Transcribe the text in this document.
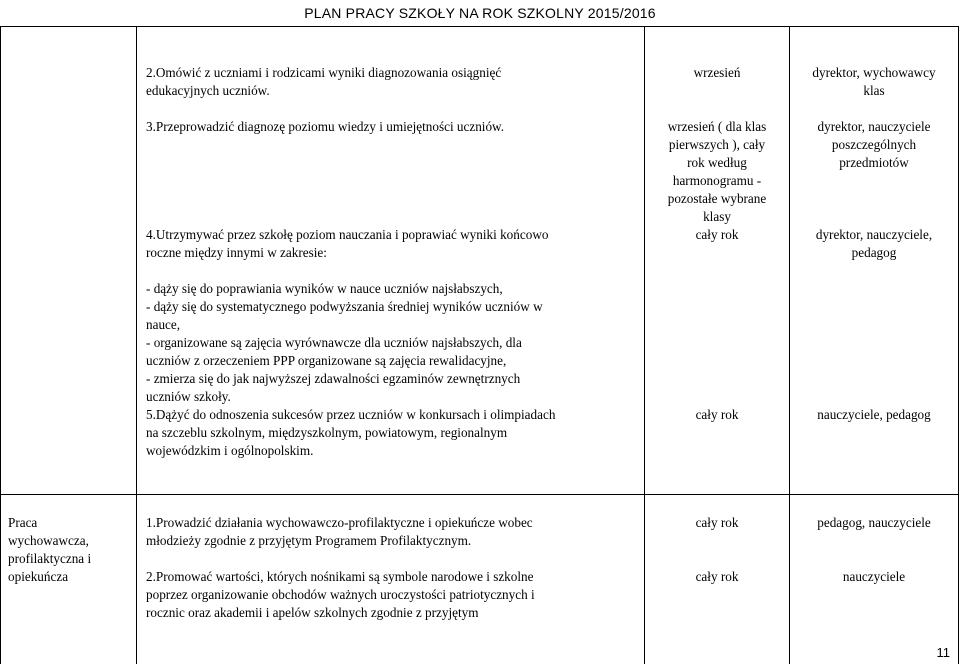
PLAN PRACY SZKOŁY NA ROK SZKOLNY 2015/2016
2.Omówić z uczniami i rodzicami wyniki diagnozowania osiągnięć
edukacyjnych uczniów.
3.Przeprowadzić diagnozę poziomu wiedzy i umiejętności uczniów.
4.Utrzymywać przez szkołę poziom nauczania i poprawiać wyniki końcowo
roczne między innymi w zakresie:
- dąży się do poprawiania wyników w nauce uczniów najsłabszych,
- dąży się do systematycznego podwyższania średniej wyników uczniów w
nauce,
- organizowane są zajęcia wyrównawcze dla uczniów najsłabszych, dla
uczniów z orzeczeniem PPP organizowane są zajęcia rewalidacyjne,
- zmierza się do jak najwyższej zdawalności egzaminów zewnętrznych
uczniów szkoły.
5.Dążyć do odnoszenia sukcesów przez uczniów w konkursach i olimpiadach
na szczeblu szkolnym, międzyszkolnym, powiatowym, regionalnym
wojewódzkim i ogólnopolskim.
wrzesień
wrzesień ( dla klas
pierwszych ), cały
rok według
harmonogramu -
pozostałe wybrane
klasy
cały rok
cały rok
dyrektor, wychowawcy
klas
dyrektor, nauczyciele
poszczególnych
przedmiotów
dyrektor, nauczyciele,
pedagog
nauczyciele, pedagog
Praca
wychowawcza,
profilaktyczna i
opiekuńcza
1.Prowadzić działania wychowawczo-profilaktyczne i opiekuńcze wobec
młodzieży zgodnie z przyjętym Programem Profilaktycznym.
2.Promować wartości, których nośnikami są symbole narodowe i szkolne
poprzez organizowanie obchodów ważnych uroczystości patriotycznych i
rocznic oraz akademii i apelów szkolnych zgodnie z przyjętym
cały rok
cały rok
pedagog, nauczyciele
nauczyciele
11
